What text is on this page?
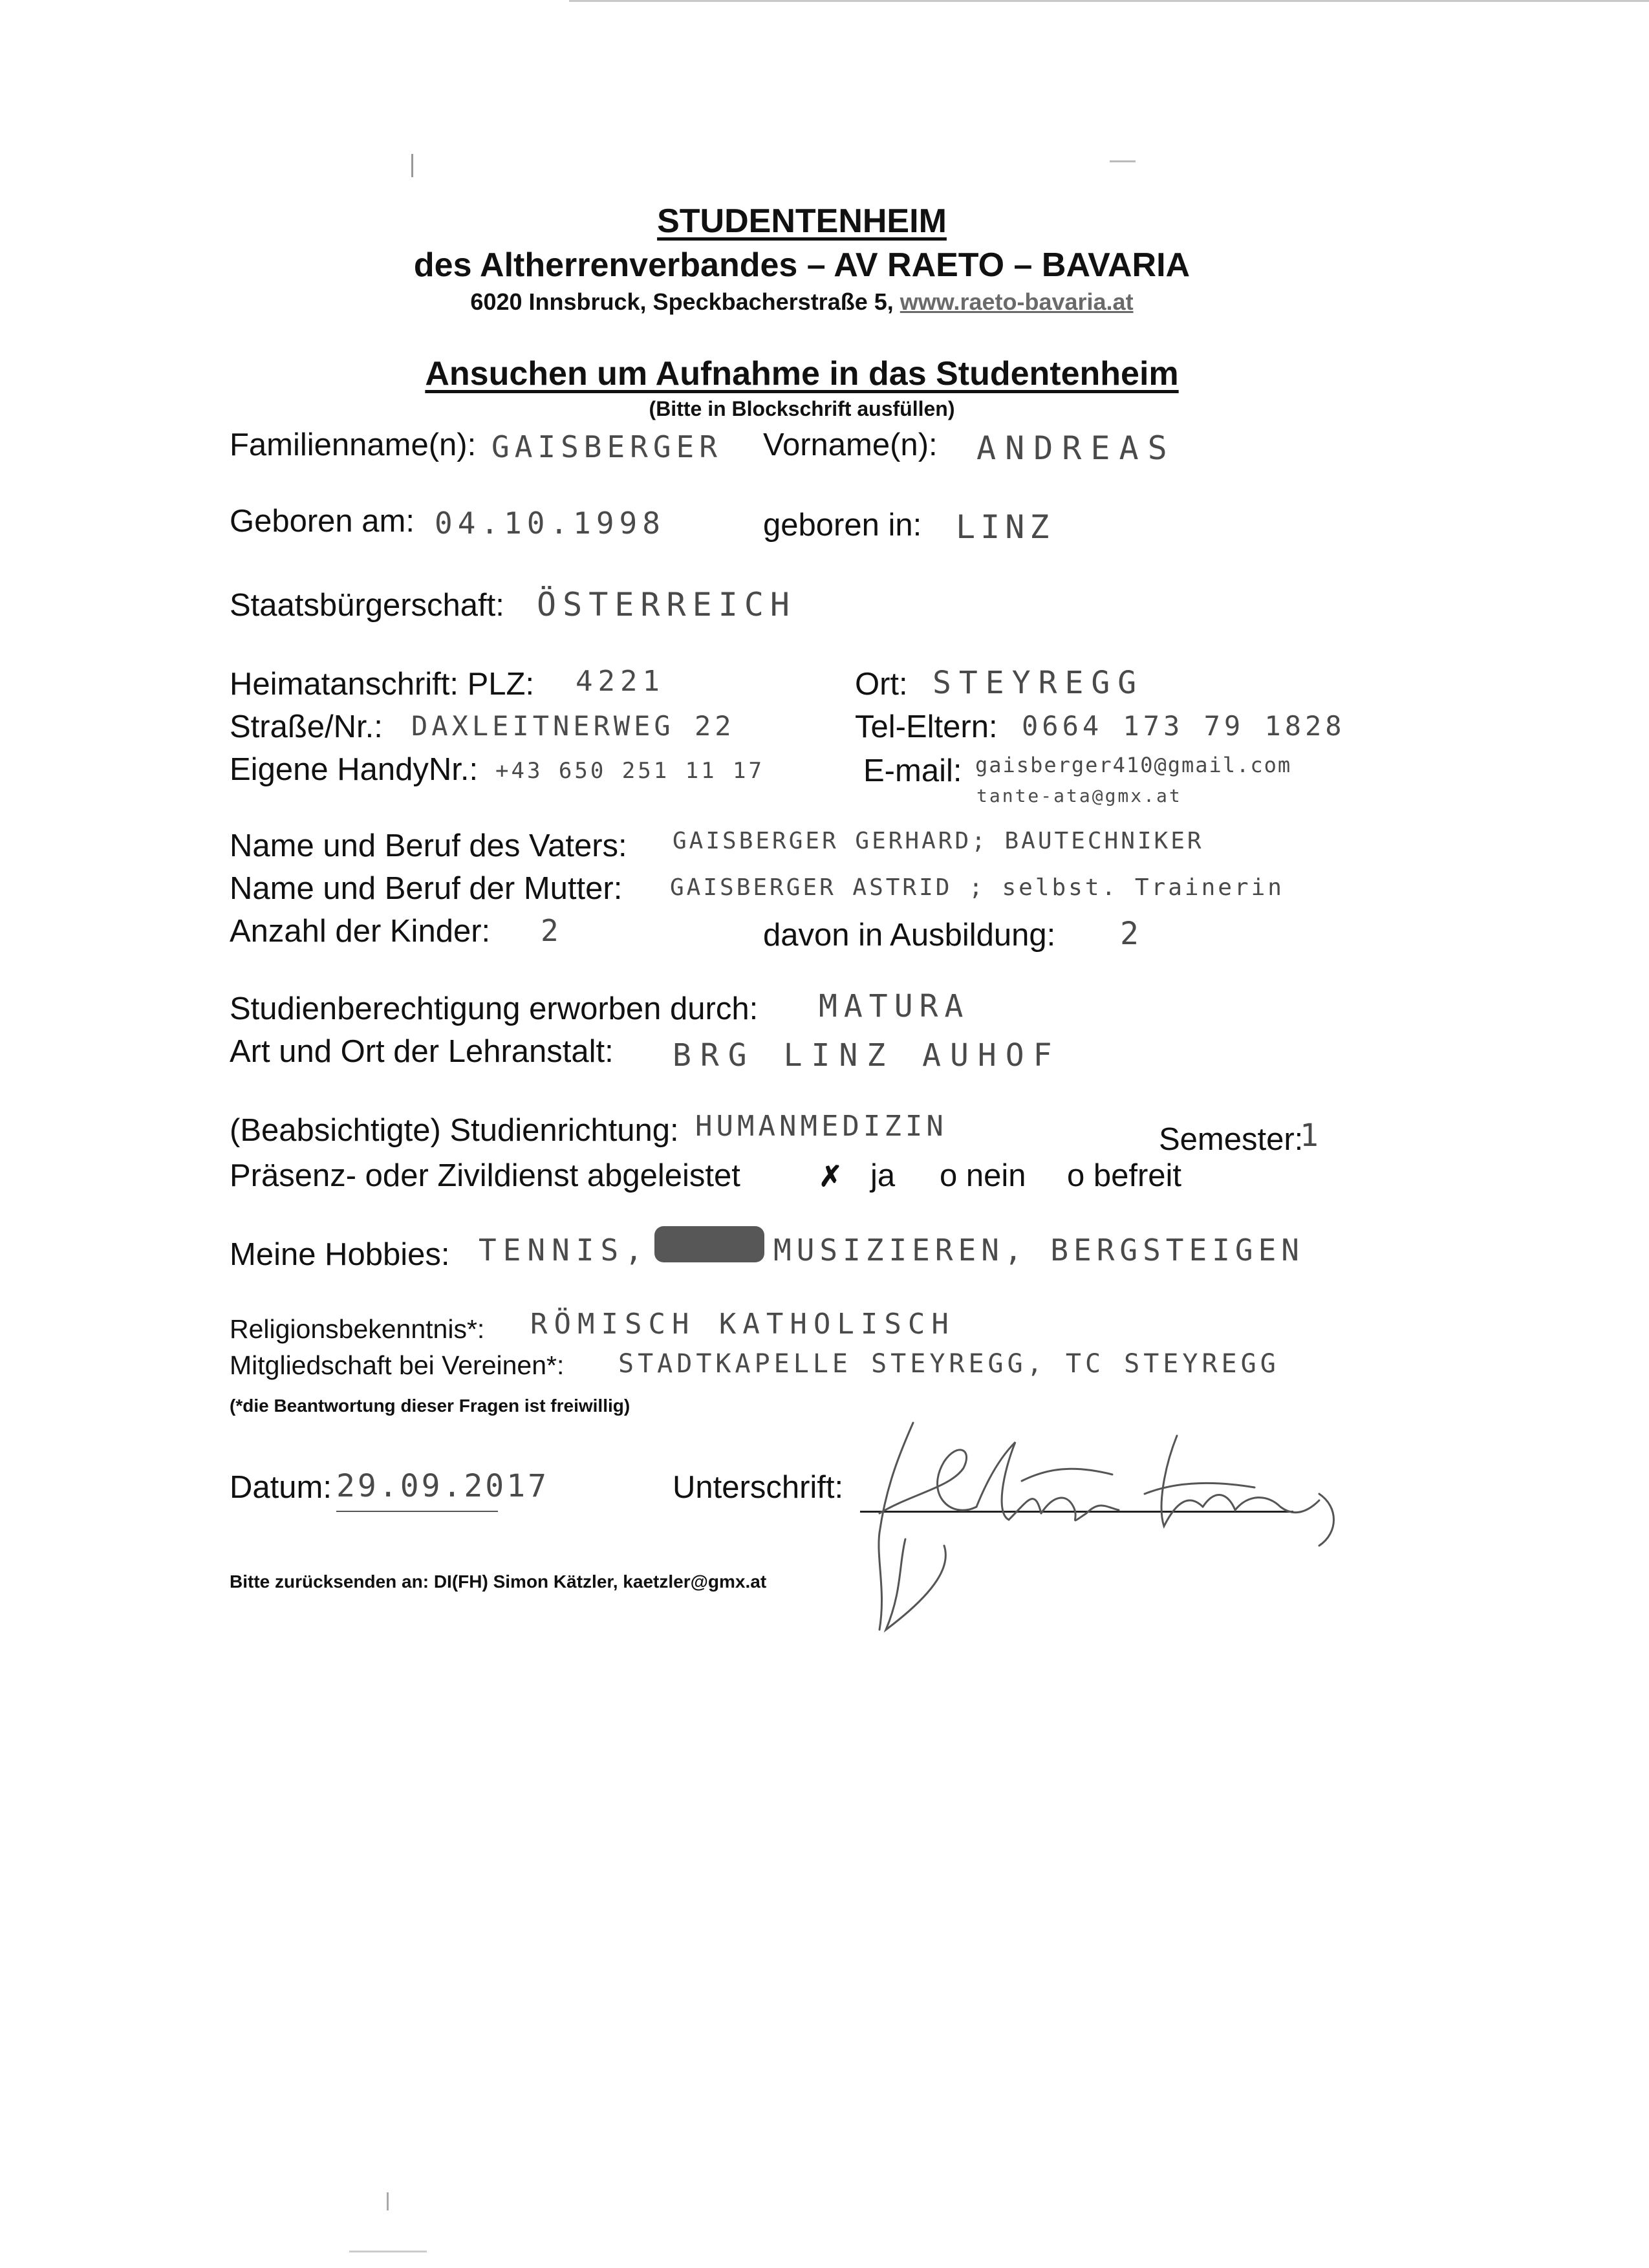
STUDENTENHEIM
des Altherrenverbandes – AV RAETO – BAVARIA
6020 Innsbruck, Speckbacherstraße 5, www.raeto-bavaria.at
Ansuchen um Aufnahme in das Studentenheim
(Bitte in Blockschrift ausfüllen)
Familienname(n): GAISBERGER Vorname(n): ANDREAS
Geboren am: 04.10.1998	geboren in: LINZ
Staatsbürgerschaft: ÖSTERREICH
Heimatanschrift: PLZ: 4221	Ort: STEYREGG
Straße/Nr.: DAXLEITNERWEG 22	Tel-Eltern: 0664 173 79 1828
Eigene HandyNr.: +43 650 251 11 17	E-mail: gaisberger410@gmail.com
tante-ata@gmx.at
Name und Beruf des Vaters: GAISBERGER GERHARD; BAUTECHNIKER
Name und Beruf der Mutter: GAISBERGER ASTRID ; selbst. Trainerin
Anzahl der Kinder: 2	davon in Ausbildung: 2
Studienberechtigung erworben durch: MATURA
Art und Ort der Lehranstalt: BRG LINZ AUHOF
(Beabsichtigte) Studienrichtung: HUMANMEDIZIN	Semester:
1
Präsenz- oder Zivildienst abgeleistet	✗ ja o nein o befreit
Meine Hobbies: TENNIS,	MUSIZIEREN, BERGSTEIGEN
Religionsbekenntnis*: RÖMISCH KATHOLISCH
Mitgliedschaft bei Vereinen*: STADTKAPELLE STEYREGG, TC STEYREGG
(*die Beantwortung dieser Fragen ist freiwillig)
Datum: 29.09.2017	Unterschrift:
Bitte zurücksenden an: DI(FH) Simon Kätzler, kaetzler@gmx.at
